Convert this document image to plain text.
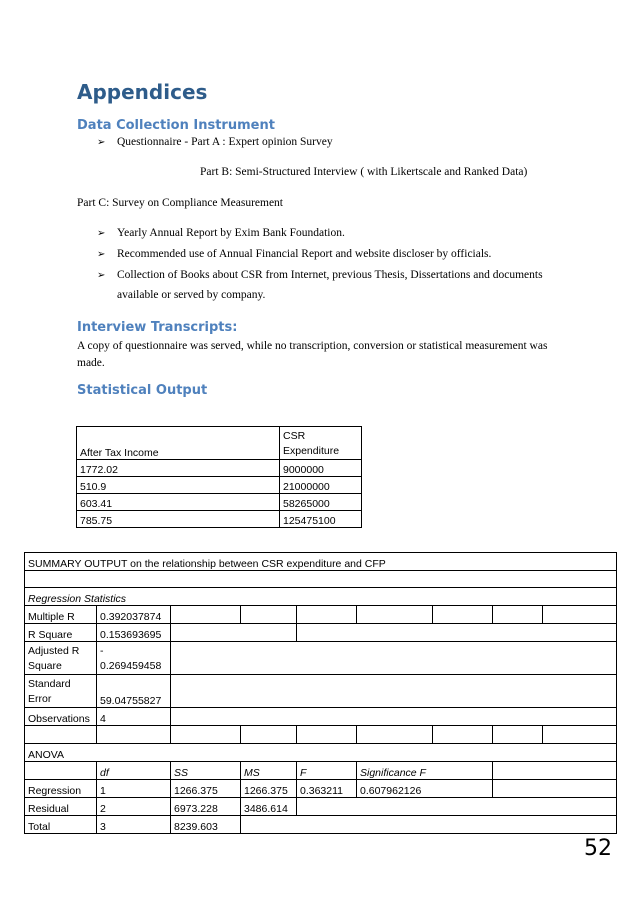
Appendices
Data Collection Instrument
➢ Questionnaire - Part A : Expert opinion Survey
Part B: Semi-Structured Interview ( with Likertscale and Ranked Data)
Part C: Survey on Compliance Measurement
➢ Yearly Annual Report by Exim Bank Foundation.
➢ Recommended use of Annual Financial Report and website discloser by officials.
➢ Collection of Books about CSR from Internet, previous Thesis, Dissertations and documents
available or served by company.
Interview Transcripts:
A copy of questionnaire was served, while no transcription, conversion or statistical measurement was
made.
Statistical Output
After Tax Income	CSR
Expenditure
1772.02	9000000
510.9	21000000
603.41	58265000
785.75	125475100
SUMMARY OUTPUT on the relationship between CSR expenditure and CFP								

Regression Statistics								
Multiple R	0.392037874							
R Square	0.153693695							
Adjusted R
Square	-
0.269459458							
Standard
Error	59.04755827							
Observations	4							

ANOVA								
	df	SS	MS	F	Significance F			
Regression	1	1266.375	1266.375	0.363211	0.607962126			
Residual	2	6973.228	3486.614					
Total	3	8239.603						
52
